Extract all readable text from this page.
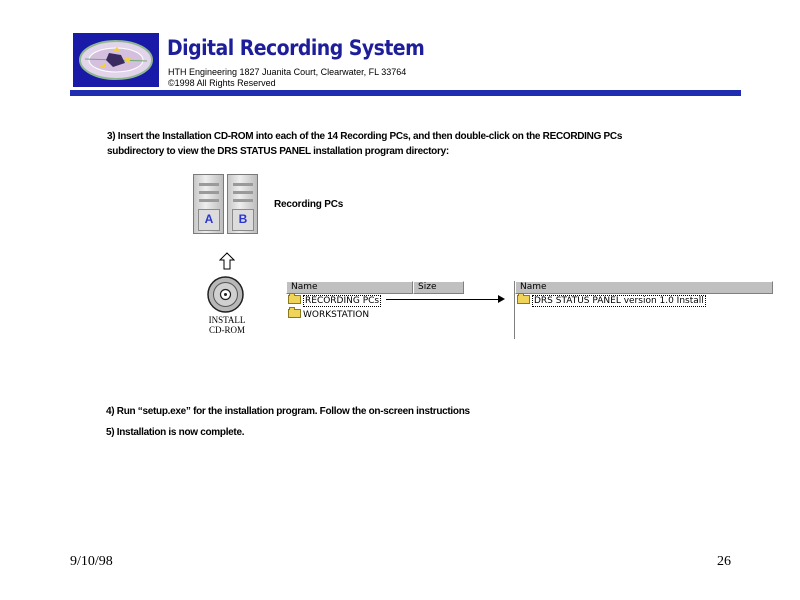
Digital Recording System
HTH Engineering 1827 Juanita Court, Clearwater, FL 33764
©1998 All Rights Reserved
3) Insert the Installation CD-ROM into each of the 14 Recording PCs, and then double-click on the RECORDING PCs
subdirectory to view the DRS STATUS PANEL installation program directory:
A	B
Recording PCs
INSTALL
CD-ROM
Name	Size
RECORDING PCs
WORKSTATION
Name
DRS STATUS PANEL version 1.0 Install
4) Run “setup.exe” for the installation program. Follow the on-screen instructions
5) Installation is now complete.
9/10/98	26
